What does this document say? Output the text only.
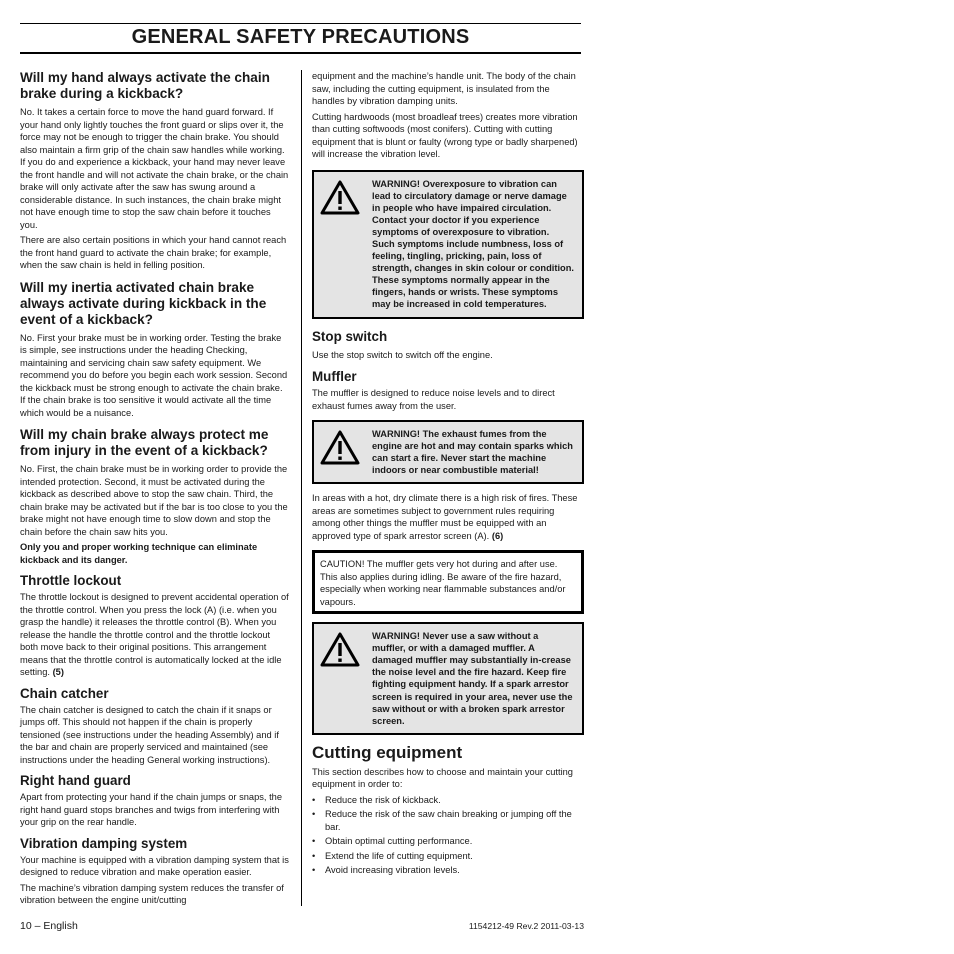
GENERAL SAFETY PRECAUTIONS
Will my hand always activate the chain brake during a kickback?

No. It takes a certain force to move the hand guard forward. If your hand only lightly touches the front guard or slips over it, the force may not be enough to trigger the chain brake. You should also maintain a firm grip of the chain saw handles while working. If you do and experience a kickback, your hand may never leave the front handle and will not activate the chain brake, or the chain brake will only activate after the saw has swung around a considerable distance. In such instances, the chain brake might not have enough time to stop the saw chain before it touches you.

There are also certain positions in which your hand cannot reach the front hand guard to activate the chain brake; for example, when the saw chain is held in felling position.

Will my inertia activated chain brake always activate during kickback in the event of a kickback?

No. First your brake must be in working order. Testing the brake is simple, see instructions under the heading Checking, maintaining and servicing chain saw safety equipment. We recommend you do before you begin each work session. Second the kickback must be strong enough to activate the chain brake. If the chain brake is too sensitive it would activate all the time which would be a nuisance.

Will my chain brake always protect me from injury in the event of a kickback?

No. First, the chain brake must be in working order to provide the intended protection. Second, it must be activated during the kickback as described above to stop the saw chain. Third, the chain brake may be activated but if the bar is too close to you the brake might not have enough time to slow down and stop the chain before the chain saw hits you.

Only you and proper working technique can eliminate kickback and its danger.

Throttle lockout

The throttle lockout is designed to prevent accidental operation of the throttle control. When you press the lock (A) (i.e. when you grasp the handle) it releases the throttle control (B). When you release the handle the throttle control and the throttle lockout both move back to their original positions. This arrangement means that the throttle control is automatically locked at the idle setting. (5)

Chain catcher

The chain catcher is designed to catch the chain if it snaps or jumps off. This should not happen if the chain is properly tensioned (see instructions under the heading Assembly) and if the bar and chain are properly serviced and maintained (see instructions under the heading General working instructions).

Right hand guard

Apart from protecting your hand if the chain jumps or snaps, the right hand guard stops branches and twigs from interfering with your grip on the rear handle.

Vibration damping system

Your machine is equipped with a vibration damping system that is designed to reduce vibration and make operation easier.

The machine’s vibration damping system reduces the transfer of vibration between the engine unit/cutting

equipment and the machine’s handle unit. The body of the chain saw, including the cutting equipment, is insulated from the handles by vibration damping units.

Cutting hardwoods (most broadleaf trees) creates more vibration than cutting softwoods (most conifers). Cutting with cutting equipment that is blunt or faulty (wrong type or badly sharpened) will increase the vibration level.

WARNING! Overexposure to vibration can lead to circulatory damage or nerve damage in people who have impaired circulation. Contact your doctor if you experience symptoms of overexposure to vibration. Such symptoms include numbness, loss of feeling, tingling, pricking, pain, loss of strength, changes in skin colour or condition. These symptoms normally appear in the fingers, hands or wrists. These symptoms may be increased in cold temperatures.
Stop switch

Use the stop switch to switch off the engine.

Muffler

The muffler is designed to reduce noise levels and to direct exhaust fumes away from the user.

WARNING! The exhaust fumes from the engine are hot and may contain sparks which can start a fire. Never start the machine indoors or near combustible material!

In areas with a hot, dry climate there is a high risk of fires. These areas are sometimes subject to government rules requiring among other things the muffler must be equipped with an approved type of spark arrestor screen (A). (6)

CAUTION! The muffler gets very hot during and after use. This also applies during idling. Be aware of the fire hazard, especially when working near flammable substances and/or vapours.
WARNING! Never use a saw without a muffler, or with a damaged muffler. A damaged muffler may substantially in-crease the noise level and the fire hazard. Keep fire fighting equipment handy. If a spark arrestor screen is required in your area, never use the saw without or with a broken spark arrestor screen.
Cutting equipment

This section describes how to choose and maintain your cutting equipment in order to:

• Reduce the risk of kickback.
• Reduce the risk of the saw chain breaking or jumping off the bar.
• Obtain optimal cutting performance.
• Extend the life of cutting equipment.
• Avoid increasing vibration levels.
10 – English	1154212-49 Rev.2 2011-03-13
